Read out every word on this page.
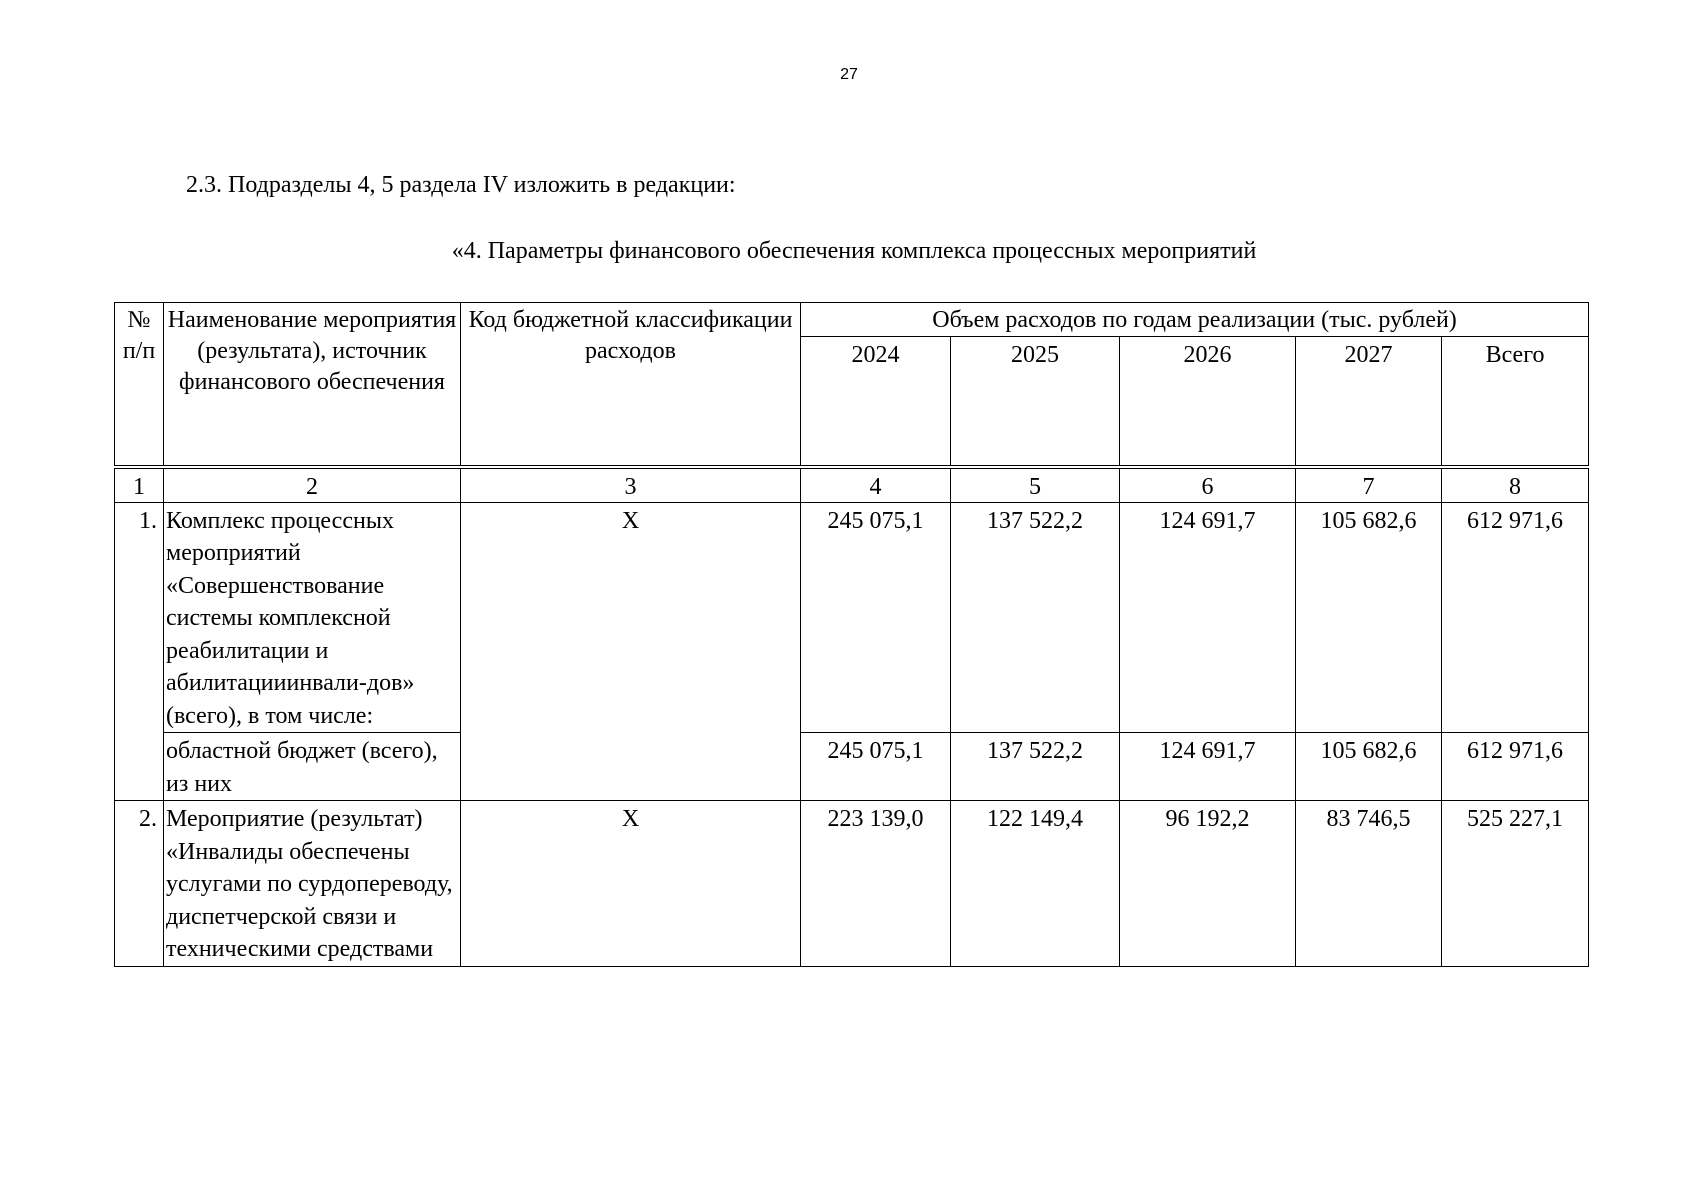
27
2.3. Подразделы 4, 5 раздела IV изложить в редакции:
«4. Параметры финансового обеспечения комплекса процессных мероприятий
№ п/п	Наименование мероприятия (результата), источник финансового обеспечения	Код бюджетной классификации расходов	Объем расходов по годам реализации (тыс. рублей)				
			2024	2025	2026	2027	Всего
1	2	3	4	5	6	7	8
1.	Комплекс процессных мероприятий «Совершенствование системы комплексной реабилитации и абилитацииинвали-дов» (всего), в том числе:	Х	245 075,1	137 522,2	124 691,7	105 682,6	612 971,6
	областной бюджет (всего), из них		245 075,1	137 522,2	124 691,7	105 682,6	612 971,6
2.	Мероприятие (результат) «Инвалиды обеспечены услугами по сурдопереводу, диспетчерской связи и техническими средствами	Х	223 139,0	122 149,4	96 192,2	83 746,5	525 227,1
